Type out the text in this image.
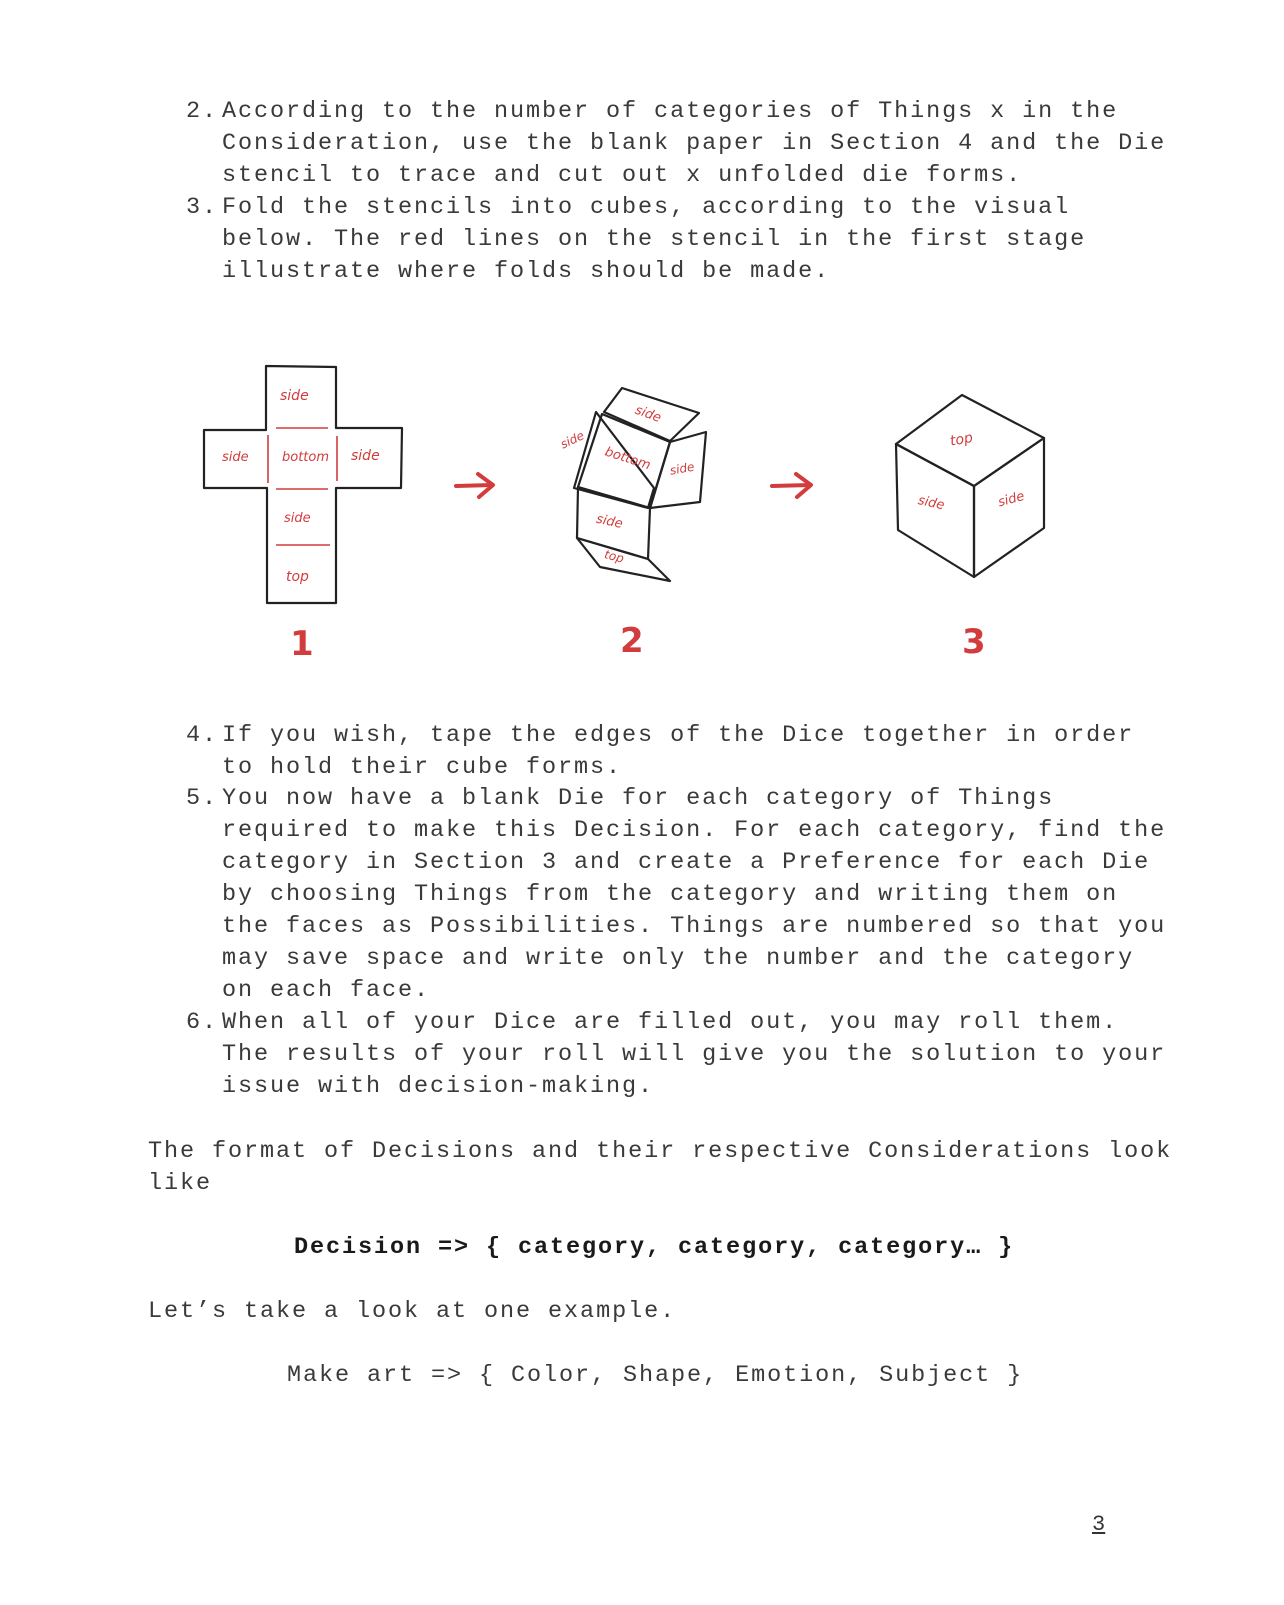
2. According to the number of categories of Things x in the
Consideration, use the blank paper in Section 4 and the Die
stencil to trace and cut out x unfolded die forms.
3. Fold the stencils into cubes, according to the visual
below. The red lines on the stencil in the first stage
illustrate where folds should be made.
side
side	bottom side
side
top
1
side
side
bottom side
side
top
2
top
side	side
3
4. If you wish, tape the edges of the Dice together in order
to hold their cube forms.
5. You now have a blank Die for each category of Things
required to make this Decision. For each category, find the
category in Section 3 and create a Preference for each Die
by choosing Things from the category and writing them on
the faces as Possibilities. Things are numbered so that you
may save space and write only the number and the category
on each face.
6. When all of your Dice are filled out, you may roll them.
The results of your roll will give you the solution to your
issue with decision-making.
The format of Decisions and their respective Considerations look
like
Decision => { category, category, category… }
Let’s take a look at one example.
Make art => { Color, Shape, Emotion, Subject }
3
